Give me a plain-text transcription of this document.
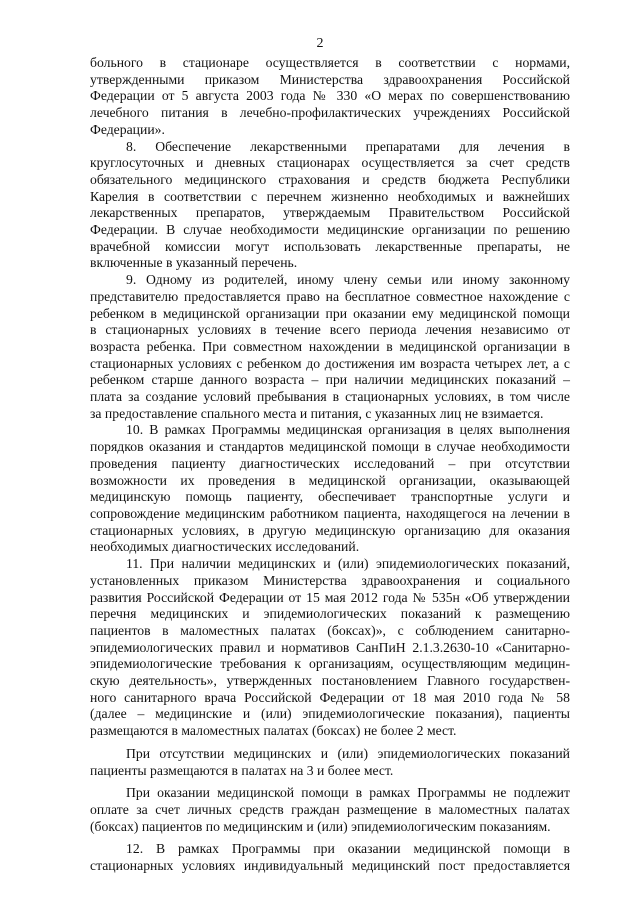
2
больного в стационаре осуществляется в соответствии с нормами,
утвержденными приказом Министерства здравоохранения Российской
Федерации от 5 августа 2003 года № 330 «О мерах по совершенствованию
лечебного питания в лечебно-профилактических учреждениях Российской
Федерации».
8. Обеспечение лекарственными препаратами для лечения в
круглосуточных и дневных стационарах осуществляется за счет средств
обязательного медицинского страхования и средств бюджета Республики
Карелия в соответствии с перечнем жизненно необходимых и важнейших
лекарственных препаратов, утверждаемым Правительством Российской
Федерации. В случае необходимости медицинские организации по решению
врачебной комиссии могут использовать лекарственные препараты, не
включенные в указанный перечень.
9. Одному из родителей, иному члену семьи или иному законному
представителю предоставляется право на бесплатное совместное нахождение с
ребенком в медицинской организации при оказании ему медицинской помощи
в стационарных условиях в течение всего периода лечения независимо от
возраста ребенка. При совместном нахождении в медицинской организации в
стационарных условиях с ребенком до достижения им возраста четырех лет, а с
ребенком старше данного возраста – при наличии медицинских показаний –
плата за создание условий пребывания в стационарных условиях, в том числе
за предоставление спального места и питания, с указанных лиц не взимается.
10. В рамках Программы медицинская организация в целях выполнения
порядков оказания и стандартов медицинской помощи в случае необходимости
проведения пациенту диагностических исследований – при отсутствии
возможности их проведения в медицинской организации, оказывающей
медицинскую помощь пациенту, обеспечивает транспортные услуги и
сопровождение медицинским работником пациента, находящегося на лечении в
стационарных условиях, в другую медицинскую организацию для оказания
необходимых диагностических исследований.
11. При наличии медицинских и (или) эпидемиологических показаний,
установленных приказом Министерства здравоохранения и социального
развития Российской Федерации от 15 мая 2012 года № 535н «Об утверждении
перечня медицинских и эпидемиологических показаний к размещению
пациентов в маломестных палатах (боксах)», с соблюдением санитарно-
эпидемиологических правил и нормативов СанПиН 2.1.3.2630-10 «Санитарно-
эпидемиологические требования к организациям, осуществляющим медицин-
скую деятельность», утвержденных постановлением Главного государствен-
ного санитарного врача Российской Федерации от 18 мая 2010 года № 58
(далее – медицинские и (или) эпидемиологические показания), пациенты
размещаются в маломестных палатах (боксах) не более 2 мест.
При отсутствии медицинских и (или) эпидемиологических показаний
пациенты размещаются в палатах на 3 и более мест.
При оказании медицинской помощи в рамках Программы не подлежит
оплате за счет личных средств граждан размещение в маломестных палатах
(боксах) пациентов по медицинским и (или) эпидемиологическим показаниям.
12. В рамках Программы при оказании медицинской помощи в
стационарных условиях индивидуальный медицинский пост предоставляется
